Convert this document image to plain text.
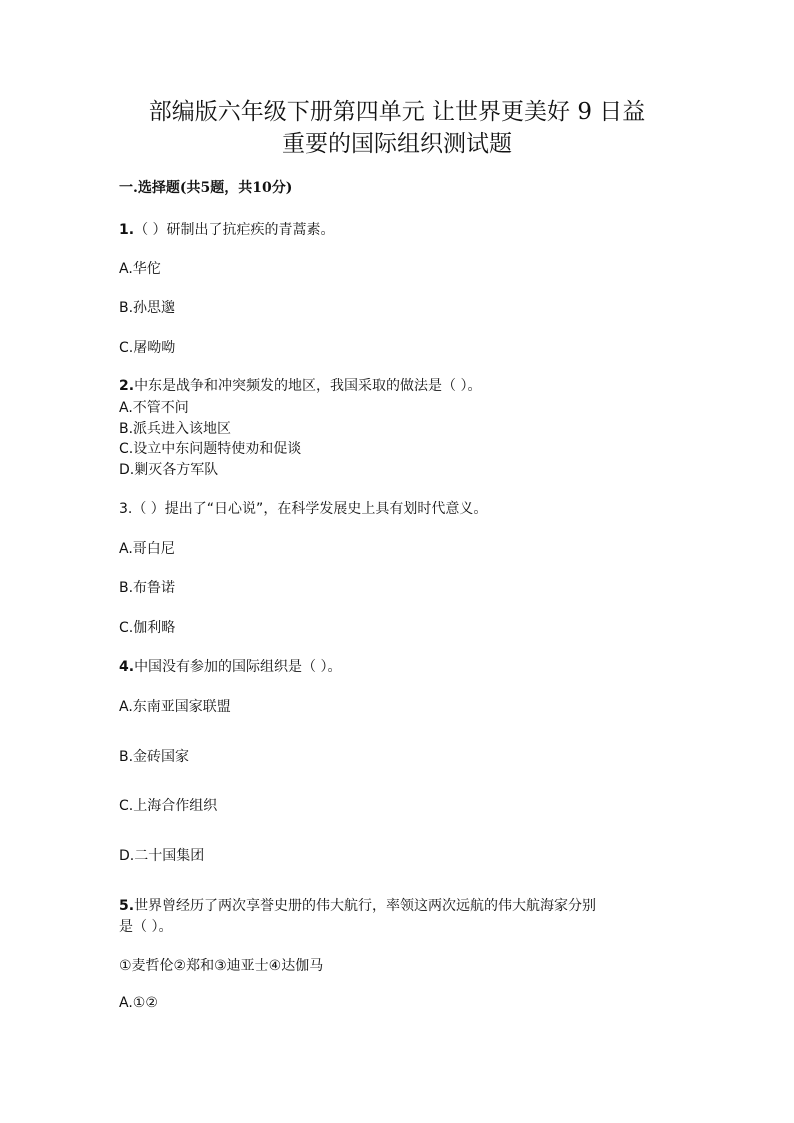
部编版六年级下册第四单元 让世界更美好 9 日益
重要的国际组织测试题
一.选择题(共5题，共10分)
1.（ ）研制出了抗疟疾的青蒿素。
A.华佗
B.孙思邈
C.屠呦呦
2.中东是战争和冲突频发的地区，我国采取的做法是（ ）。
A.不管不问
B.派兵进入该地区
C.设立中东问题特使劝和促谈
D.剿灭各方军队
3.（ ）提出了“日心说”，在科学发展史上具有划时代意义。
A.哥白尼
B.布鲁诺
C.伽利略
4.中国没有参加的国际组织是（ ）。
A.东南亚国家联盟
B.金砖国家
C.上海合作组织
D.二十国集团
5.世界曾经历了两次享誉史册的伟大航行，率领这两次远航的伟大航海家分别
是（ ）。
①麦哲伦②郑和③迪亚士④达伽马
A.①②
